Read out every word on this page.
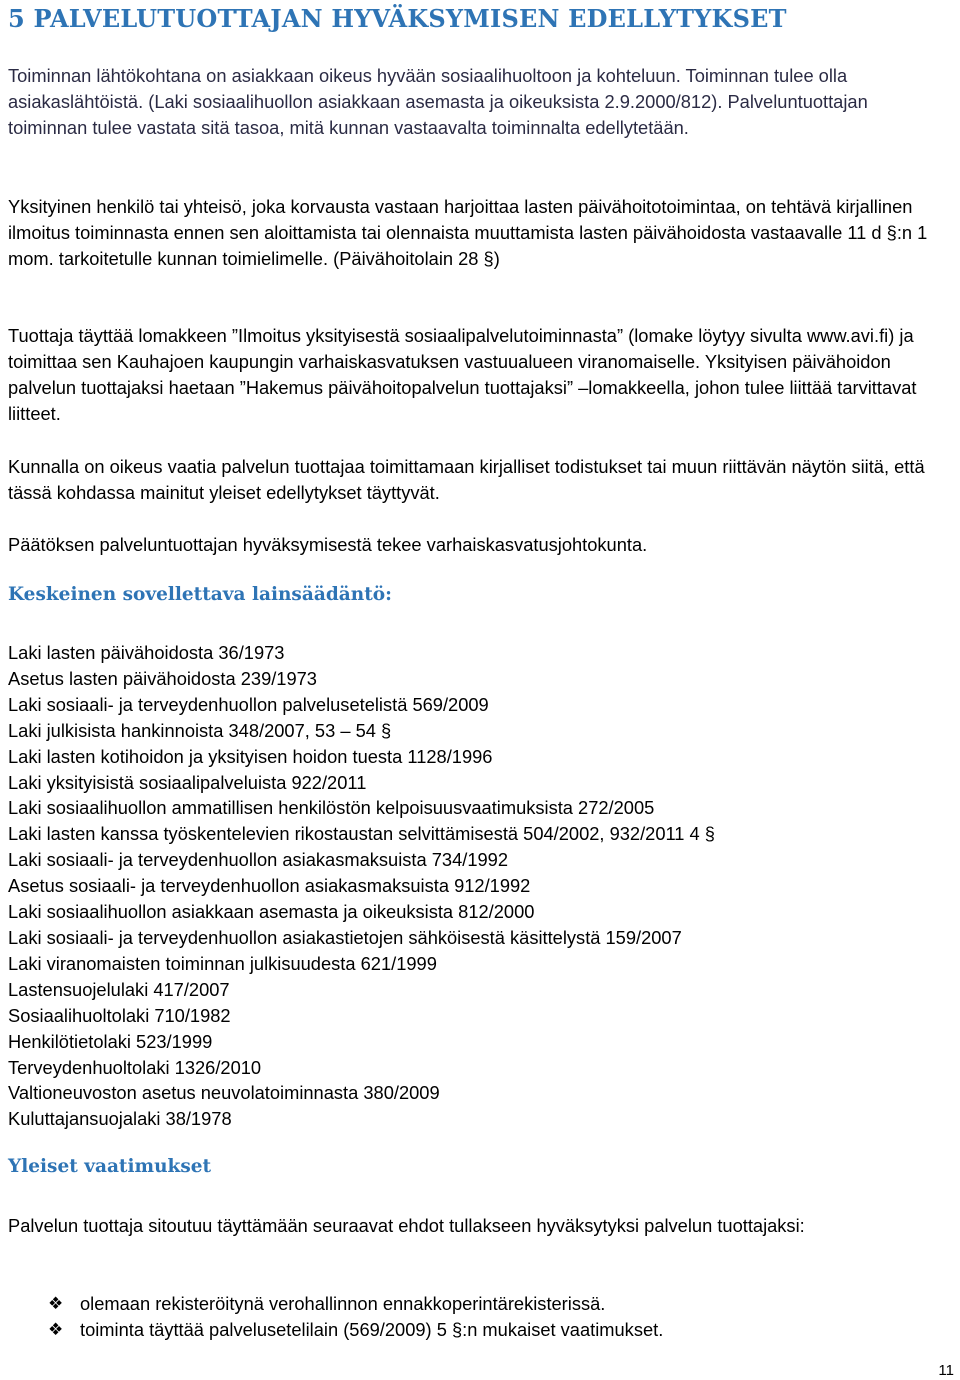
5 PALVELUTUOTTAJAN HYVÄKSYMISEN EDELLYTYKSET

Toiminnan lähtökohtana on asiakkaan oikeus hyvään sosiaalihuoltoon ja kohteluun. Toiminnan tulee olla asiakaslähtöistä. (Laki sosiaalihuollon asiakkaan asemasta ja oikeuksista 2.9.2000/812). Palveluntuottajan toiminnan tulee vastata sitä tasoa, mitä kunnan vastaavalta toiminnalta edellytetään.

Yksityinen henkilö tai yhteisö, joka korvausta vastaan harjoittaa lasten päivähoitotoimintaa, on tehtävä kirjallinen ilmoitus toiminnasta ennen sen aloittamista tai olennaista muuttamista lasten päivähoidosta vastaavalle 11 d §:n 1 mom. tarkoitetulle kunnan toimielimelle. (Päivähoitolain 28 §)

Tuottaja täyttää lomakkeen ”Ilmoitus yksityisestä sosiaalipalvelutoiminnasta” (lomake löytyy sivulta www.avi.fi) ja toimittaa sen Kauhajoen kaupungin varhaiskasvatuksen vastuualueen viranomaiselle. Yksityisen päivähoidon palvelun tuottajaksi haetaan ”Hakemus päivähoitopalvelun tuottajaksi” –lomakkeella, johon tulee liittää tarvittavat liitteet.

Kunnalla on oikeus vaatia palvelun tuottajaa toimittamaan kirjalliset todistukset tai muun riittävän näytön siitä, että tässä kohdassa mainitut yleiset edellytykset täyttyvät.

Päätöksen palveluntuottajan hyväksymisestä tekee varhaiskasvatusjohtokunta.

Keskeinen sovellettava lainsäädäntö:
Laki lasten päivähoidosta 36/1973
Asetus lasten päivähoidosta 239/1973
Laki sosiaali- ja terveydenhuollon palvelusetelistä 569/2009
Laki julkisista hankinnoista 348/2007, 53 – 54 §
Laki lasten kotihoidon ja yksityisen hoidon tuesta 1128/1996
Laki yksityisistä sosiaalipalveluista 922/2011
Laki sosiaalihuollon ammatillisen henkilöstön kelpoisuusvaatimuksista 272/2005
Laki lasten kanssa työskentelevien rikostaustan selvittämisestä 504/2002, 932/2011 4 §
Laki sosiaali- ja terveydenhuollon asiakasmaksuista 734/1992
Asetus sosiaali- ja terveydenhuollon asiakasmaksuista 912/1992
Laki sosiaalihuollon asiakkaan asemasta ja oikeuksista 812/2000
Laki sosiaali- ja terveydenhuollon asiakastietojen sähköisestä käsittelystä 159/2007
Laki viranomaisten toiminnan julkisuudesta 621/1999
Lastensuojelulaki 417/2007
Sosiaalihuoltolaki 710/1982
Henkilötietolaki 523/1999
Terveydenhuoltolaki 1326/2010
Valtioneuvoston asetus neuvolatoiminnasta 380/2009
Kuluttajansuojalaki 38/1978
Yleiset vaatimukset

Palvelun tuottaja sitoutuu täyttämään seuraavat ehdot tullakseen hyväksytyksi palvelun tuottajaksi:

❖ olemaan rekisteröitynä verohallinnon ennakkoperintärekisterissä.
❖ toiminta täyttää palvelusetelilain (569/2009) 5 §:n mukaiset vaatimukset.
11
